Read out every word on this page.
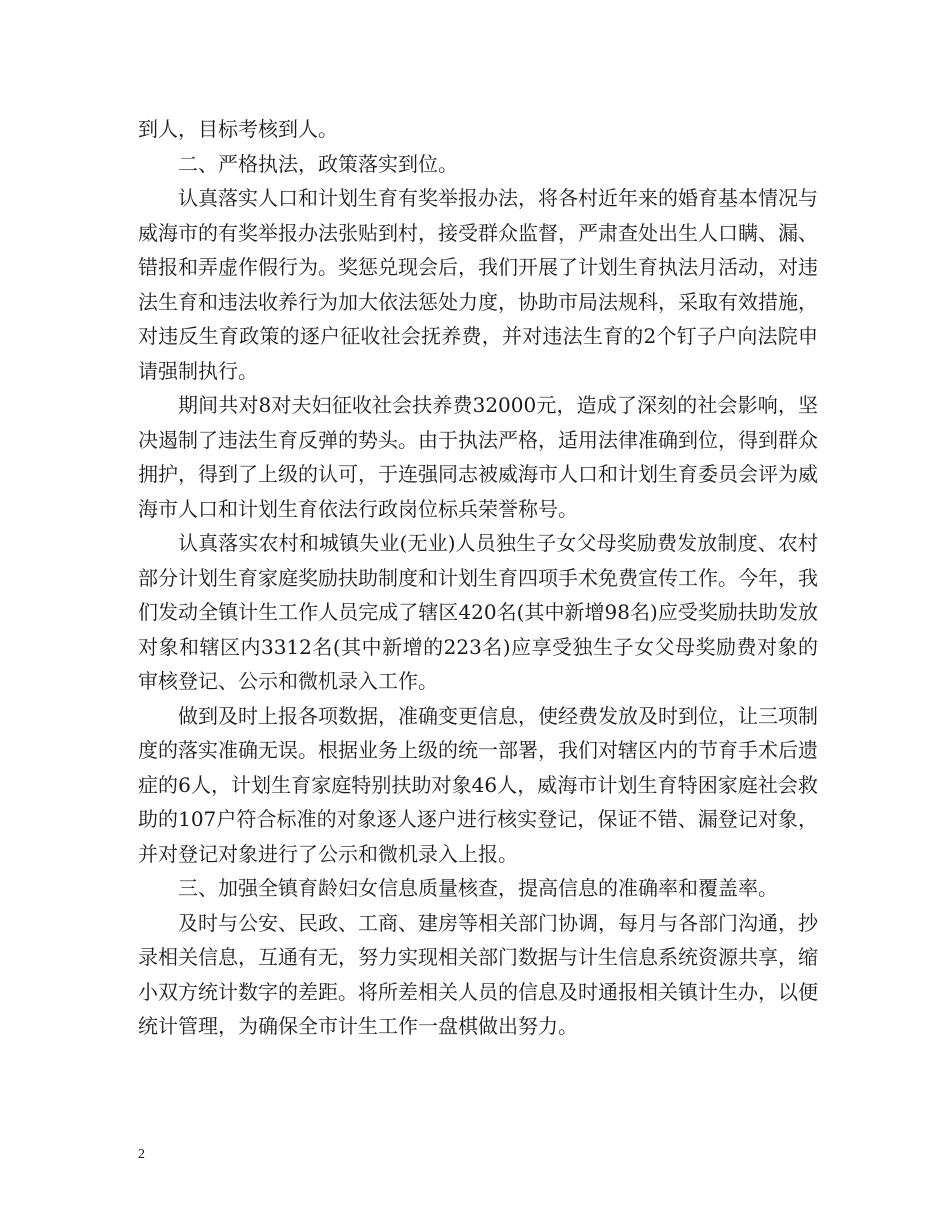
到人，目标考核到人。

二、严格执法，政策落实到位。

认真落实人口和计划生育有奖举报办法，将各村近年来的婚育基本情况与威海市的有奖举报办法张贴到村，接受群众监督，严肃查处出生人口瞒、漏、错报和弄虚作假行为。奖惩兑现会后，我们开展了计划生育执法月活动，对违法生育和违法收养行为加大依法惩处力度，协助市局法规科，采取有效措施，对违反生育政策的逐户征收社会抚养费，并对违法生育的2个钉子户向法院申请强制执行。

期间共对8对夫妇征收社会扶养费32000元，造成了深刻的社会影响，坚决遏制了违法生育反弹的势头。由于执法严格，适用法律准确到位，得到群众拥护，得到了上级的认可，于连强同志被威海市人口和计划生育委员会评为威海市人口和计划生育依法行政岗位标兵荣誉称号。

认真落实农村和城镇失业(无业)人员独生子女父母奖励费发放制度、农村部分计划生育家庭奖励扶助制度和计划生育四项手术免费宣传工作。今年，我们发动全镇计生工作人员完成了辖区420名(其中新增98名)应受奖励扶助发放对象和辖区内3312名(其中新增的223名)应享受独生子女父母奖励费对象的审核登记、公示和微机录入工作。

做到及时上报各项数据，准确变更信息，使经费发放及时到位，让三项制度的落实准确无误。根据业务上级的统一部署，我们对辖区内的节育手术后遗症的6人，计划生育家庭特别扶助对象46人，威海市计划生育特困家庭社会救助的107户符合标准的对象逐人逐户进行核实登记，保证不错、漏登记对象，并对登记对象进行了公示和微机录入上报。

三、加强全镇育龄妇女信息质量核查，提高信息的准确率和覆盖率。

及时与公安、民政、工商、建房等相关部门协调，每月与各部门沟通，抄录相关信息，互通有无，努力实现相关部门数据与计生信息系统资源共享，缩小双方统计数字的差距。将所差相关人员的信息及时通报相关镇计生办，以便统计管理，为确保全市计生工作一盘棋做出努力。

2
